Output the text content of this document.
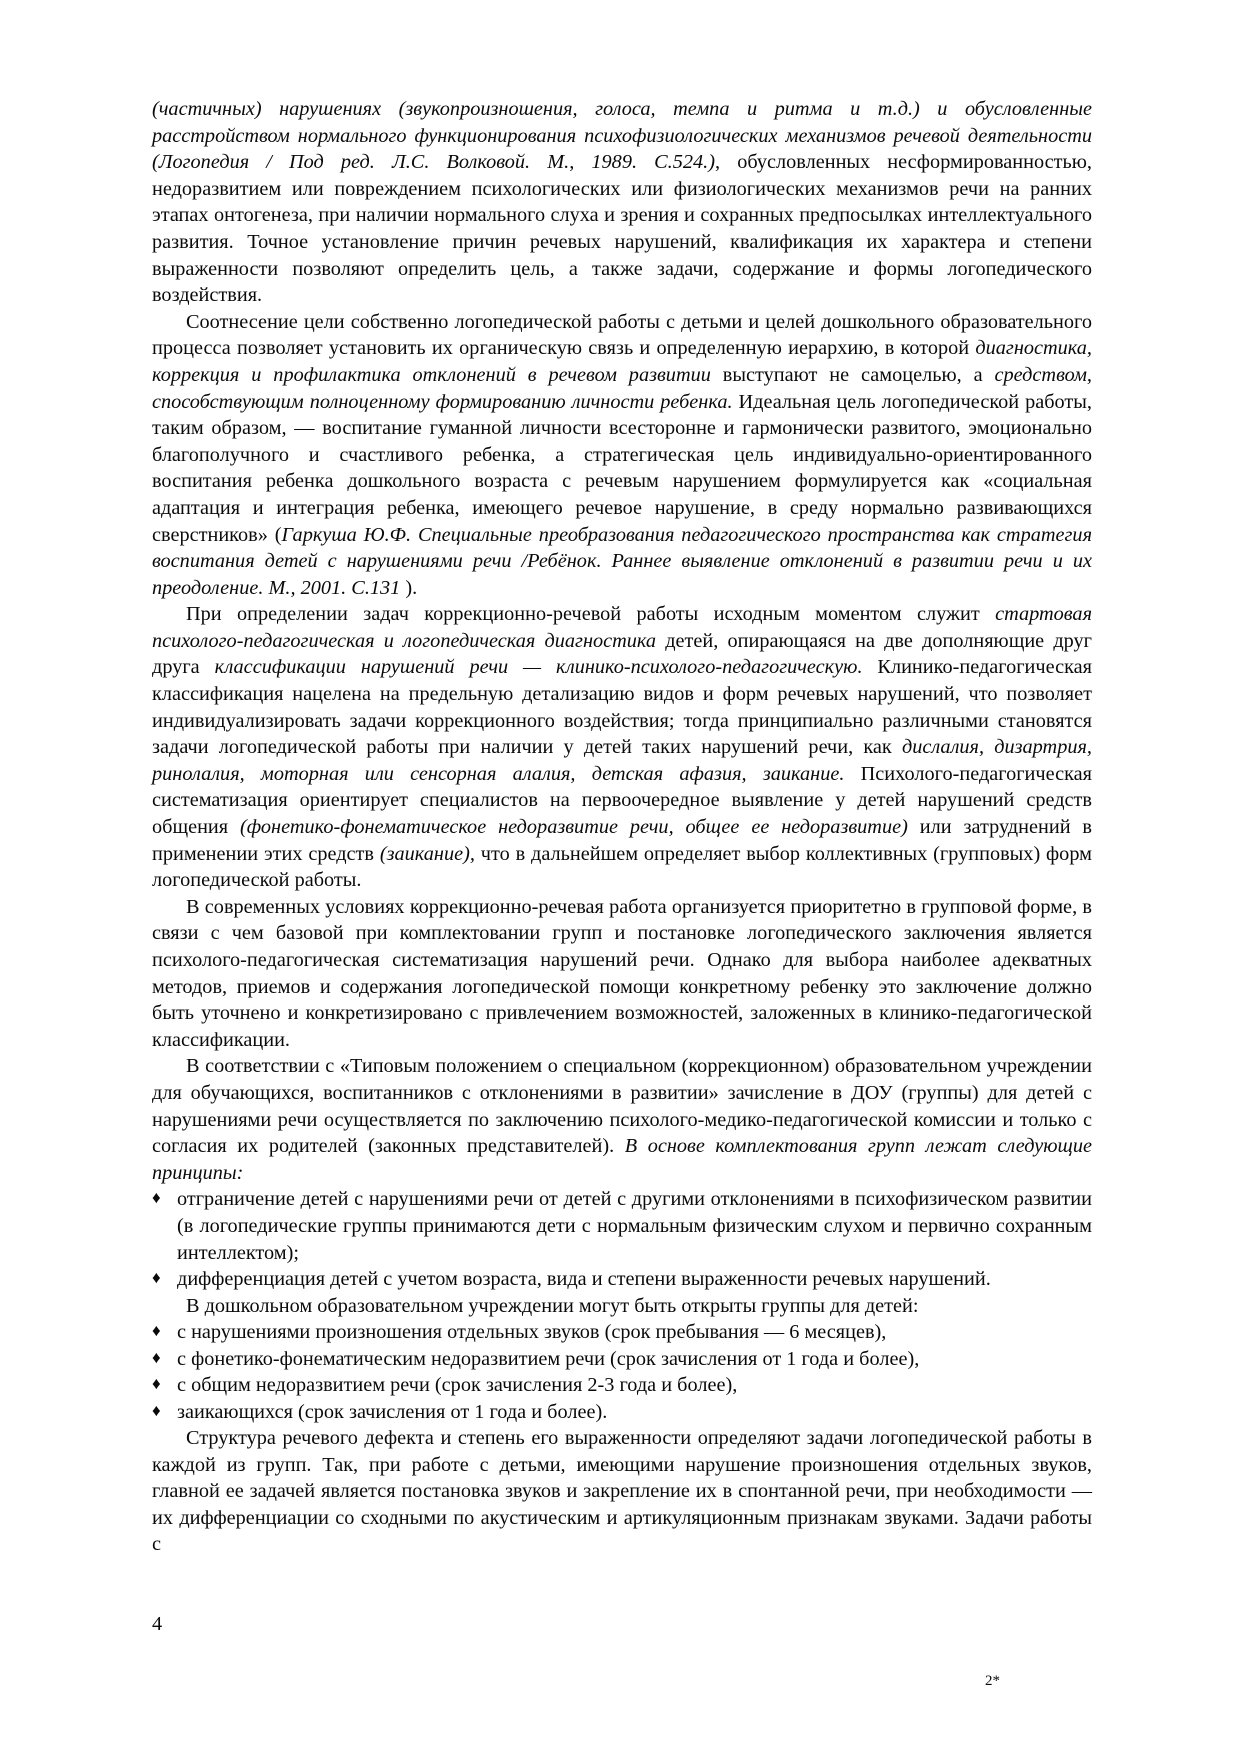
(частичных) нарушениях (звукопроизношения, голоса, темпа и ритма и т.д.) и обусловленные расстройством нормального функционирования психофизиологических механизмов речевой деятельности (Логопедия / Под ред. Л.С. Волковой. М., 1989. С.524.), обусловленных несформированностью, недоразвитием или повреждением психологических или физиологических механизмов речи на ранних этапах онтогенеза, при наличии нормального слуха и зрения и сохранных предпосылках интеллектуального развития. Точное установление причин речевых нарушений, квалификация их характера и степени выраженности позволяют определить цель, а также задачи, содержание и формы логопедического воздействия.

Соотнесение цели собственно логопедической работы с детьми и целей дошкольного образовательного процесса позволяет установить их органическую связь и определенную иерархию, в которой диагностика, коррекция и профилактика отклонений в речевом развитии выступают не самоцелью, а средством, способствующим полноценному формированию личности ребенка. Идеальная цель логопедической работы, таким образом, — воспитание гуманной личности всесторонне и гармонически развитого, эмоционально благополучного и счастливого ребенка, а стратегическая цель индивидуально-ориентированного воспитания ребенка дошкольного возраста с речевым нарушением формулируется как «социальная адаптация и интеграция ребенка, имеющего речевое нарушение, в среду нормально развивающихся сверстников» (Гаркуша Ю.Ф. Специальные преобразования педагогического пространства как стратегия воспитания детей с нарушениями речи /Ребёнок. Раннее выявление отклонений в развитии речи и их преодоление. М., 2001. С.131 ).

При определении задач коррекционно-речевой работы исходным моментом служит стартовая психолого-педагогическая и логопедическая диагностика детей, опирающаяся на две дополняющие друг друга классификации нарушений речи — клинико-психолого-педагогическую. Клинико-педагогическая классификация нацелена на предельную детализацию видов и форм речевых нарушений, что позволяет индивидуализировать задачи коррекционного воздействия; тогда принципиально различными становятся задачи логопедической работы при наличии у детей таких нарушений речи, как дислалия, дизартрия, ринолалия, моторная или сенсорная алалия, детская афазия, заикание. Психолого-педагогическая систематизация ориентирует специалистов на первоочередное выявление у детей нарушений средств общения (фонетико-фонематическое недоразвитие речи, общее ее недоразвитие) или затруднений в применении этих средств (заикание), что в дальнейшем определяет выбор коллективных (групповых) форм логопедической работы.

В современных условиях коррекционно-речевая работа организуется приоритетно в групповой форме, в связи с чем базовой при комплектовании групп и постановке логопедического заключения является психолого-педагогическая систематизация нарушений речи. Однако для выбора наиболее адекватных методов, приемов и содержания логопедической помощи конкретному ребенку это заключение должно быть уточнено и конкретизировано с привлечением возможностей, заложенных в клинико-педагогической классификации.

В соответствии с «Типовым положением о специальном (коррекционном) образовательном учреждении для обучающихся, воспитанников с отклонениями в развитии» зачисление в ДОУ (группы) для детей с нарушениями речи осуществляется по заключению психолого-медико-педагогической комиссии и только с согласия их родителей (законных представителей). В основе комплектования групп лежат следующие принципы:

♦ отграничение детей с нарушениями речи от детей с другими отклонениями в психофизическом развитии (в логопедические группы принимаются дети с нормальным физическим слухом и первично сохранным интеллектом);
♦ дифференциация детей с учетом возраста, вида и степени выраженности речевых нарушений.

В дошкольном образовательном учреждении могут быть открыты группы для детей:

♦ с нарушениями произношения отдельных звуков (срок пребывания — 6 месяцев),
♦ с фонетико-фонематическим недоразвитием речи (срок зачисления от 1 года и более),
♦ с общим недоразвитием речи (срок зачисления 2-3 года и более),
♦ заикающихся (срок зачисления от 1 года и более).

Структура речевого дефекта и степень его выраженности определяют задачи логопедической работы в каждой из групп. Так, при работе с детьми, имеющими нарушение произношения отдельных звуков, главной ее задачей является постановка звуков и закрепление их в спонтанной речи, при необходимости — их дифференциации со сходными по акустическим и артикуляционным признакам звуками. Задачи работы с

4
2*
